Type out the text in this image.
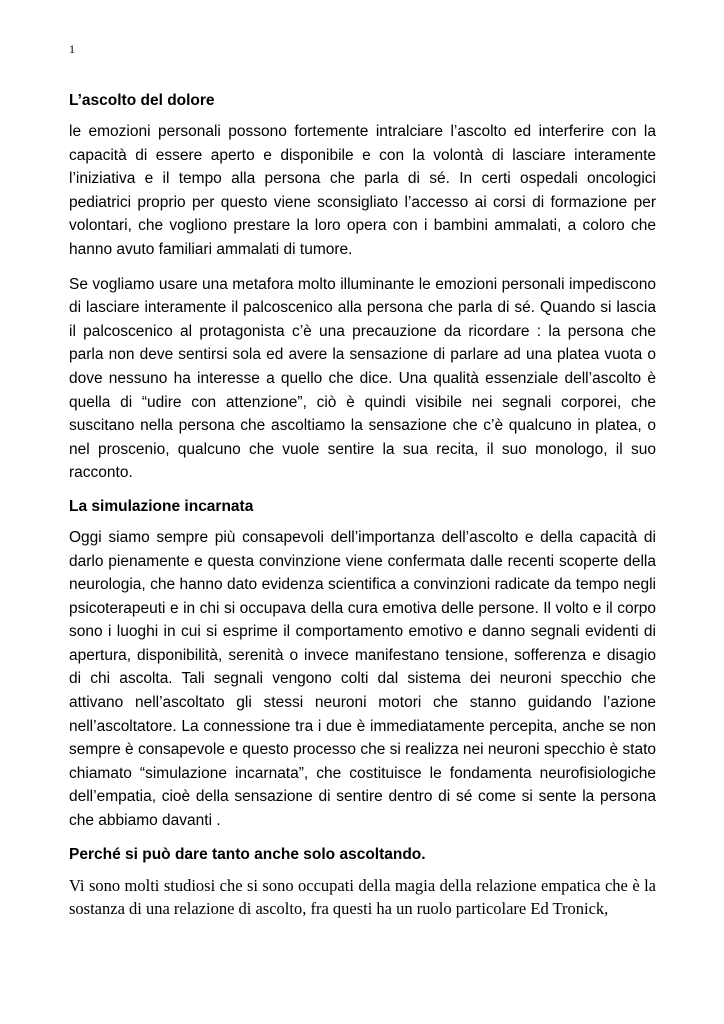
1
L’ascolto del dolore

le emozioni personali possono fortemente intralciare l’ascolto ed interferire con la capacità di essere aperto e disponibile e con la volontà di lasciare interamente l’iniziativa e il tempo alla persona che parla di sé. In certi ospedali oncologici pediatrici proprio per questo viene sconsigliato l’accesso ai corsi di formazione per volontari, che vogliono prestare la loro opera con i bambini ammalati, a coloro che hanno avuto familiari ammalati di tumore.

Se vogliamo usare una metafora molto illuminante le emozioni personali impediscono di lasciare interamente il palcoscenico alla persona che parla di sé. Quando si lascia il palcoscenico al protagonista c’è una precauzione da ricordare : la persona che parla non deve sentirsi sola ed avere la sensazione di parlare ad una platea vuota o dove nessuno ha interesse a quello che dice. Una qualità essenziale dell’ascolto è quella di “udire con attenzione”, ciò è quindi visibile nei segnali corporei, che suscitano nella persona che ascoltiamo la sensazione che c’è qualcuno in platea, o nel proscenio, qualcuno che vuole sentire la sua recita, il suo monologo, il suo racconto.

La simulazione incarnata

Oggi siamo sempre più consapevoli dell’importanza dell’ascolto e della capacità di darlo pienamente e questa convinzione viene confermata dalle recenti scoperte della neurologia, che hanno dato evidenza scientifica a convinzioni radicate da tempo negli psicoterapeuti e in chi si occupava della cura emotiva delle persone. Il volto e il corpo sono i luoghi in cui si esprime il comportamento emotivo e danno segnali evidenti di apertura, disponibilità, serenità o invece manifestano tensione, sofferenza e disagio di chi ascolta. Tali segnali vengono colti dal sistema dei neuroni specchio che attivano nell’ascoltato gli stessi neuroni motori che stanno guidando l’azione nell’ascoltatore. La connessione tra i due è immediatamente percepita, anche se non sempre è consapevole e questo processo che si realizza nei neuroni specchio è stato chiamato “simulazione incarnata”, che costituisce le fondamenta neurofisiologiche dell’empatia, cioè della sensazione di sentire dentro di sé come si sente la persona che abbiamo davanti .

Perché si può dare tanto anche solo ascoltando.

Vi sono molti studiosi che si sono occupati della magia della relazione empatica che è la sostanza di una relazione di ascolto, fra questi ha un ruolo particolare Ed Tronick,
